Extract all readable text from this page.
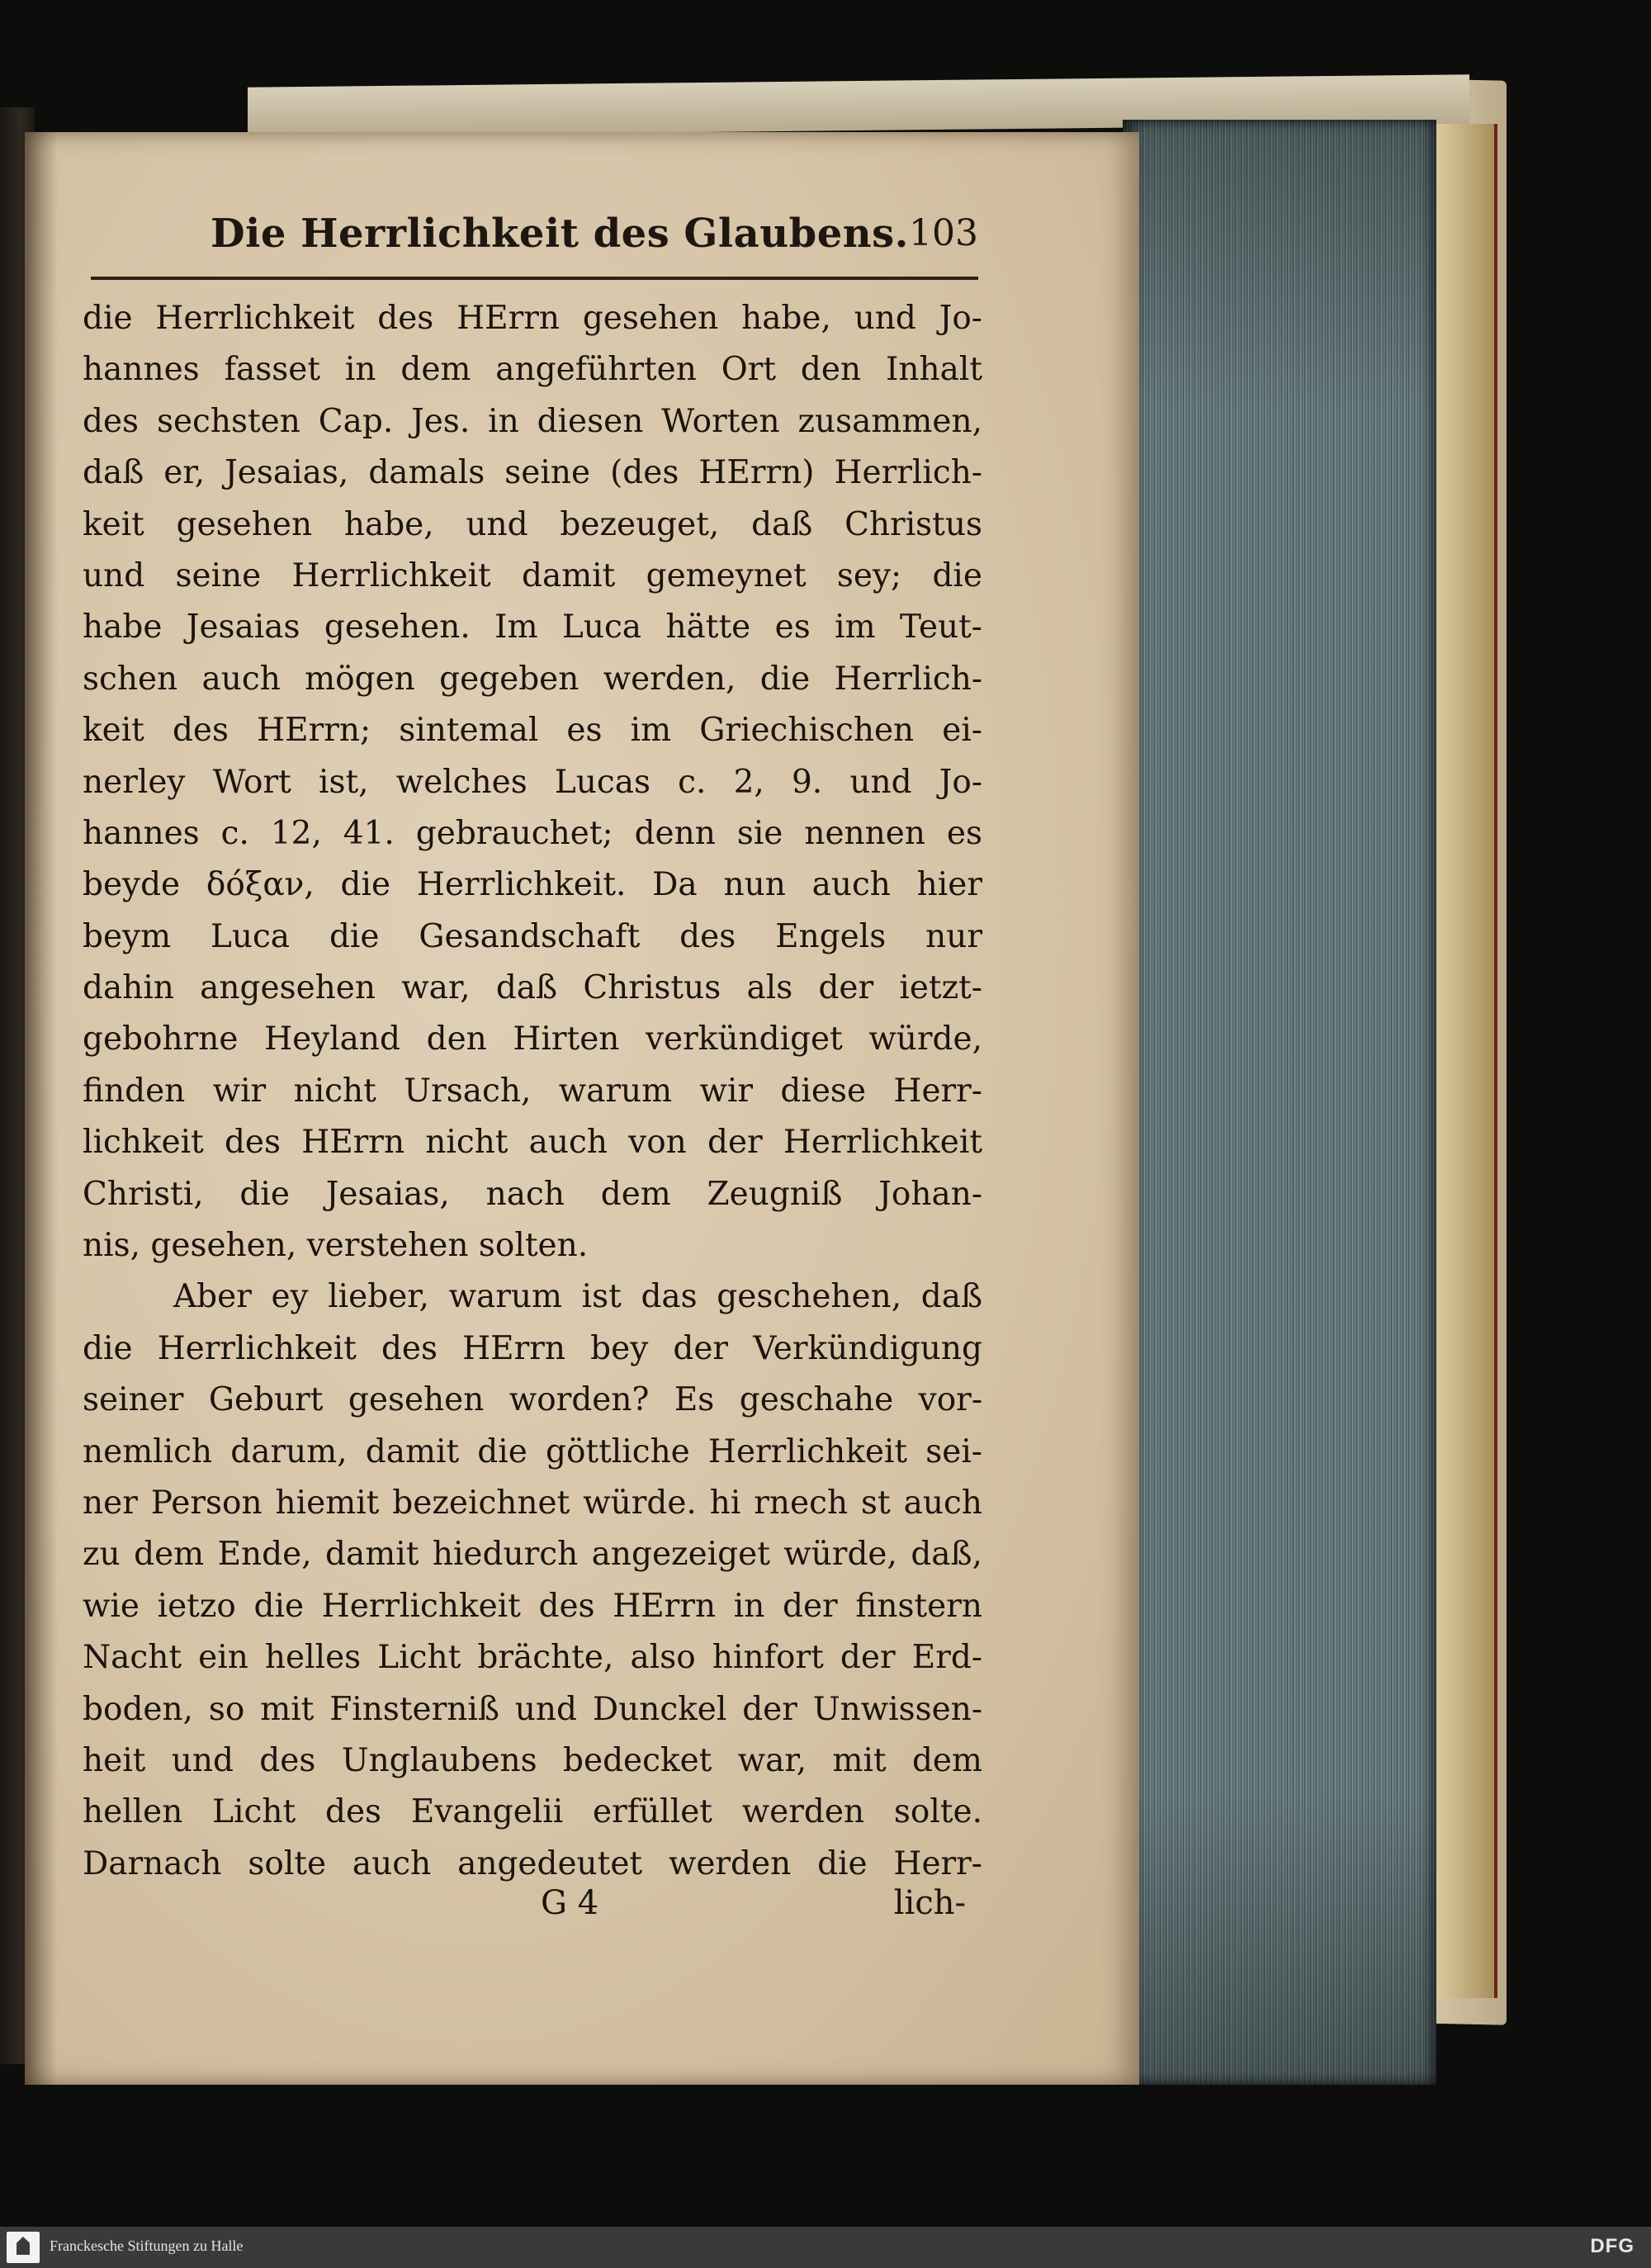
Die Herrlichkeit des Glaubens. 103
die Herrlichkeit des HErrn gesehen habe, und Jo-
hannes fasset in dem angeführten Ort den Inhalt
des sechsten Cap. Jes. in diesen Worten zusammen,
daß er, Jesaias, damals seine (des HErrn) Herrlich-
keit gesehen habe, und bezeuget, daß Christus
und seine Herrlichkeit damit gemeynet sey; die
habe Jesaias gesehen. Im Luca hätte es im Teut-
schen auch mögen gegeben werden, die Herrlich-
keit des HErrn; sintemal es im Griechischen ei-
nerley Wort ist, welches Lucas c. 2, 9. und Jo-
hannes c. 12, 41. gebrauchet; denn sie nennen es
beyde δόξαν, die Herrlichkeit. Da nun auch hier
beym Luca die Gesandschaft des Engels nur
dahin angesehen war, daß Christus als der ietzt-
gebohrne Heyland den Hirten verkündiget würde,
finden wir nicht Ursach, warum wir diese Herr-
lichkeit des HErrn nicht auch von der Herrlichkeit
Christi, die Jesaias, nach dem Zeugniß Johan-
nis, gesehen, verstehen solten.
Aber ey lieber, warum ist das geschehen, daß
die Herrlichkeit des HErrn bey der Verkündigung
seiner Geburt gesehen worden? Es geschahe vor-
nemlich darum, damit die göttliche Herrlichkeit sei-
ner Person hiemit bezeichnet würde. hi rnech st auch
zu dem Ende, damit hiedurch angezeiget würde, daß,
wie ietzo die Herrlichkeit des HErrn in der finstern
Nacht ein helles Licht brächte, also hinfort der Erd-
boden, so mit Finsterniß und Dunckel der Unwissen-
heit und des Unglaubens bedecket war, mit dem
hellen Licht des Evangelii erfüllet werden solte.
Darnach solte auch angedeutet werden die Herr-
G 4	lich-
Franckesche Stiftungen zu Halle	DFG
